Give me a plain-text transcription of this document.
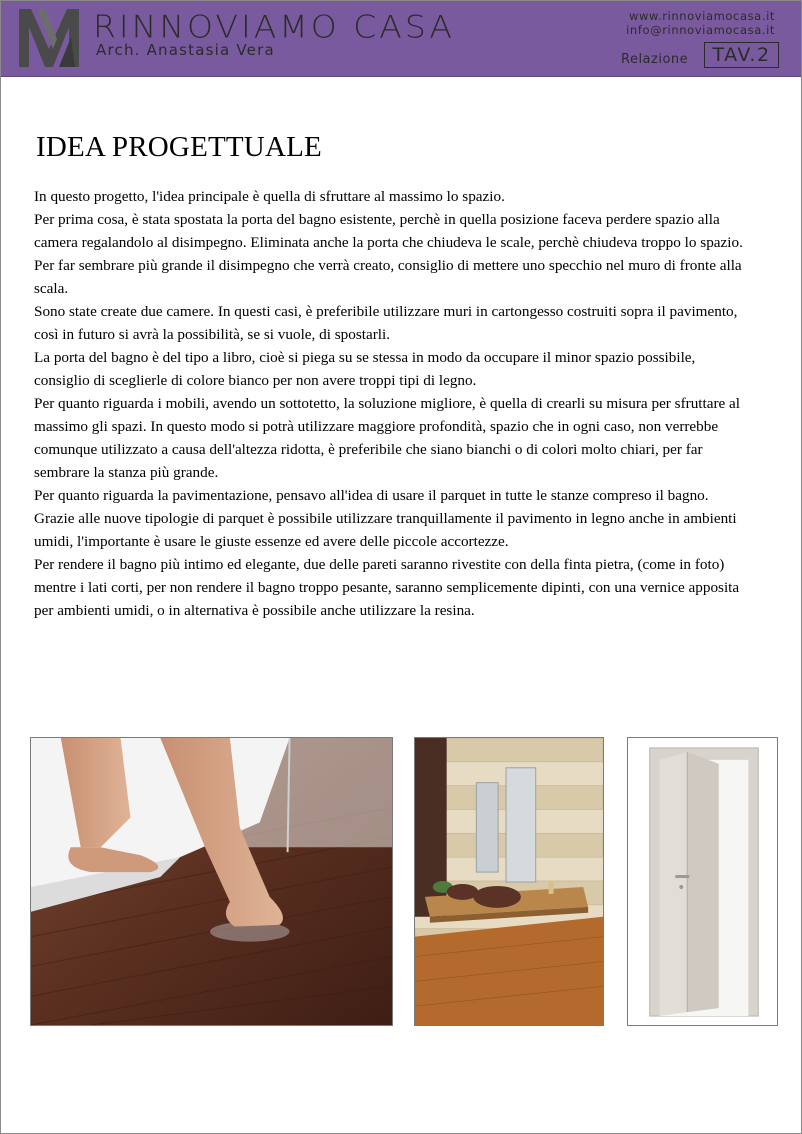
RINNOVIAMO CASA
Arch. Anastasia Vera
www.rinnoviamocasa.it
info@rinnoviamocasa.it
Relazione	TAV.2
IDEA PROGETTUALE

In questo progetto, l'idea principale è quella di sfruttare al massimo lo spazio.

Per prima cosa, è stata spostata la porta del bagno esistente, perchè in quella posizione faceva perdere spazio alla camera regalandolo al disimpegno. Eliminata anche la porta che chiudeva le scale, perchè chiudeva troppo lo spazio.

Per far sembrare più grande il disimpegno che verrà creato, consiglio di mettere uno specchio nel muro di fronte alla scala.

Sono state create due camere. In questi casi, è preferibile utilizzare muri in cartongesso costruiti sopra il pavimento, così in futuro si avrà la possibilità, se si vuole, di spostarli.

La porta del bagno è del tipo a libro, cioè si piega su se stessa in modo da occupare il minor spazio possibile, consiglio di sceglierle di colore bianco per non avere troppi tipi di legno.

Per quanto riguarda i mobili, avendo un sottotetto, la soluzione migliore, è quella di crearli su misura per sfruttare al massimo gli spazi. In questo modo si potrà utilizzare maggiore profondità, spazio che in ogni caso, non verrebbe comunque utilizzato a causa dell'altezza ridotta, è preferibile che siano bianchi o di colori molto chiari, per far sembrare la stanza più grande.

Per quanto riguarda la pavimentazione, pensavo all'idea di usare il parquet in tutte le stanze compreso il bagno.

Grazie alle nuove tipologie di parquet è possibile utilizzare tranquillamente il pavimento in legno anche in ambienti umidi, l'importante è usare le giuste essenze ed avere delle piccole accortezze.

Per rendere il bagno più intimo ed elegante, due delle pareti saranno rivestite con della finta pietra, (come in foto) mentre i lati corti, per non rendere il bagno troppo pesante, saranno semplicemente dipinti, con una vernice apposita per ambienti umidi, o in alternativa è possibile anche utilizzare la resina.
